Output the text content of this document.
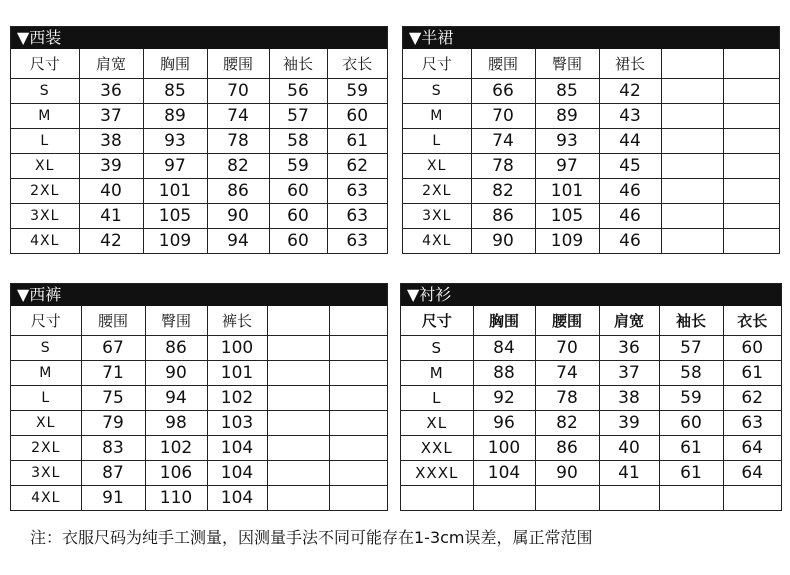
▼西装
尺寸	肩宽	胸围	腰围	袖长	衣长
S	36	85	70	56	59
M	37	89	74	57	60
L	38	93	78	58	61
XL	39	97	82	59	62
2XL	40	101	86	60	63
3XL	41	105	90	60	63
4XL	42	109	94	60	63
▼半裙
尺寸	腰围	臀围	裙长		
S	66	85	42		
M	70	89	43		
L	74	93	44		
XL	78	97	45		
2XL	82	101	46		
3XL	86	105	46		
4XL	90	109	46		
▼西裤
尺寸	腰围	臀围	裤长		
S	67	86	100		
M	71	90	101		
L	75	94	102		
XL	79	98	103		
2XL	83	102	104		
3XL	87	106	104		
4XL	91	110	104		
▼衬衫
尺寸	胸围	腰围	肩宽	袖长	衣长
S	84	70	36	57	60
M	88	74	37	58	61
L	92	78	38	59	62
XL	96	82	39	60	63
XXL	100	86	40	61	64
XXXL	104	90	41	61	64

注：衣服尺码为纯手工测量，因测量手法不同可能存在1-3cm误差，属正常范围
